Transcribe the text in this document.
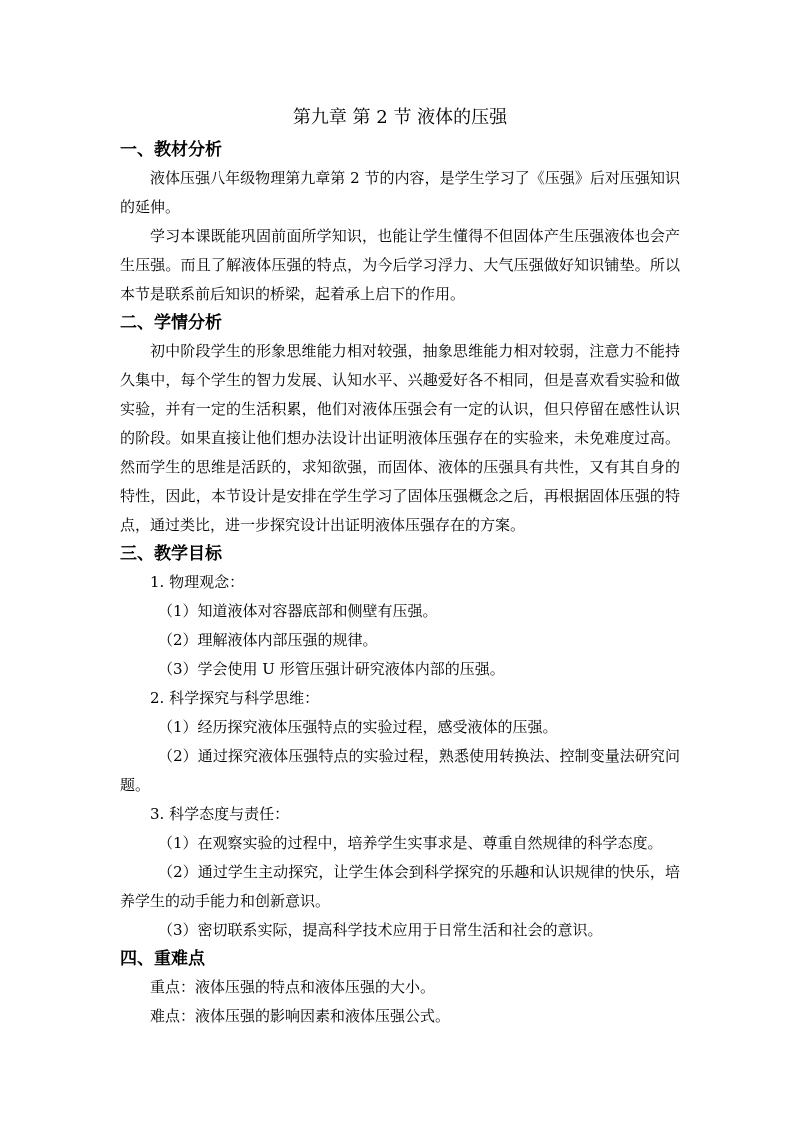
第九章 第 2 节 液体的压强
一、教材分析

液体压强八年级物理第九章第 2 节的内容，是学生学习了《压强》后对压强知识的延伸。

学习本课既能巩固前面所学知识，也能让学生懂得不但固体产生压强液体也会产生压强。而且了解液体压强的特点，为今后学习浮力、大气压强做好知识铺垫。所以本节是联系前后知识的桥梁，起着承上启下的作用。

二、学情分析

初中阶段学生的形象思维能力相对较强，抽象思维能力相对较弱，注意力不能持久集中，每个学生的智力发展、认知水平、兴趣爱好各不相同，但是喜欢看实验和做实验，并有一定的生活积累，他们对液体压强会有一定的认识，但只停留在感性认识的阶段。如果直接让他们想办法设计出证明液体压强存在的实验来，未免难度过高。然而学生的思维是活跃的，求知欲强，而固体、液体的压强具有共性，又有其自身的特性，因此，本节设计是安排在学生学习了固体压强概念之后，再根据固体压强的特点，通过类比，进一步探究设计出证明液体压强存在的方案。

三、教学目标

1. 物理观念：

（1）知道液体对容器底部和侧壁有压强。

（2）理解液体内部压强的规律。

（3）学会使用 U 形管压强计研究液体内部的压强。

2. 科学探究与科学思维：

（1）经历探究液体压强特点的实验过程，感受液体的压强。

（2）通过探究液体压强特点的实验过程，熟悉使用转换法、控制变量法研究问题。

3. 科学态度与责任：

（1）在观察实验的过程中，培养学生实事求是、尊重自然规律的科学态度。

（2）通过学生主动探究，让学生体会到科学探究的乐趣和认识规律的快乐，培养学生的动手能力和创新意识。

（3）密切联系实际，提高科学技术应用于日常生活和社会的意识。

四、重难点

重点：液体压强的特点和液体压强的大小。

难点：液体压强的影响因素和液体压强公式。
